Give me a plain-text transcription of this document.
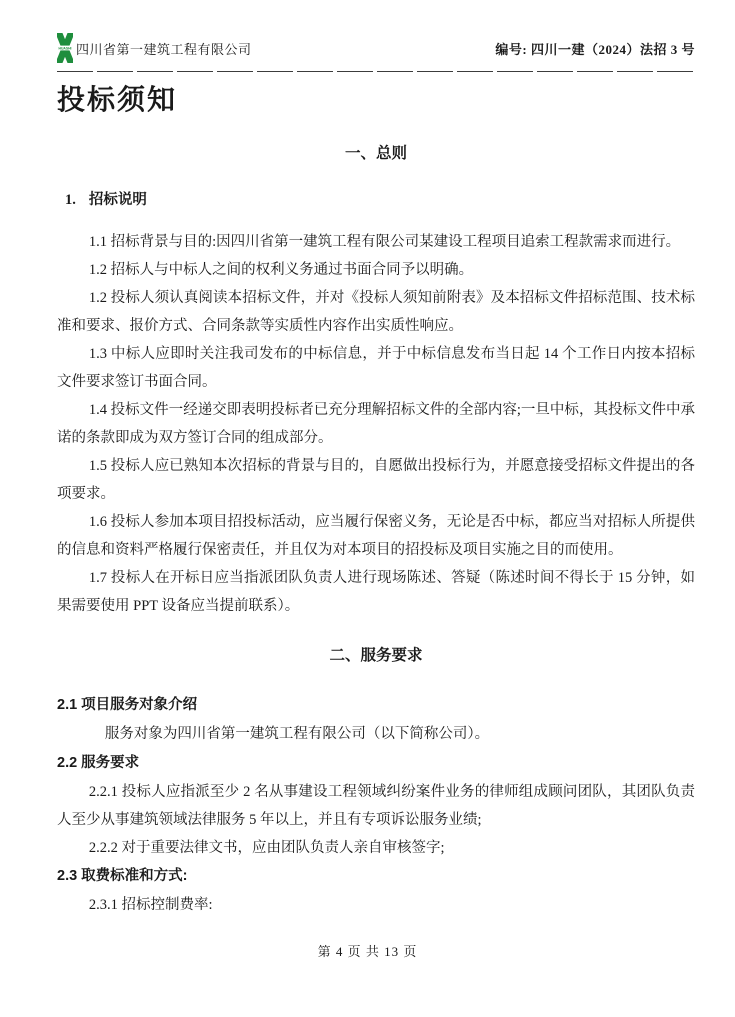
HUASHI 四川省第一建筑工程有限公司	编号: 四川一建（2024）法招 3 号
投标须知
一、总则
1. 招标说明
1.1 招标背景与目的:因四川省第一建筑工程有限公司某建设工程项目追索工程款需求而进行。
1.2 招标人与中标人之间的权利义务通过书面合同予以明确。
1.2 投标人须认真阅读本招标文件，并对《投标人须知前附表》及本招标文件招标范围、技术标准和要求、报价方式、合同条款等实质性内容作出实质性响应。
1.3 中标人应即时关注我司发布的中标信息，并于中标信息发布当日起 14 个工作日内按本招标文件要求签订书面合同。
1.4 投标文件一经递交即表明投标者已充分理解招标文件的全部内容;一旦中标，其投标文件中承诺的条款即成为双方签订合同的组成部分。
1.5 投标人应已熟知本次招标的背景与目的，自愿做出投标行为，并愿意接受招标文件提出的各项要求。
1.6 投标人参加本项目招投标活动，应当履行保密义务，无论是否中标，都应当对招标人所提供的信息和资料严格履行保密责任，并且仅为对本项目的招投标及项目实施之目的而使用。
1.7 投标人在开标日应当指派团队负责人进行现场陈述、答疑（陈述时间不得长于 15 分钟，如果需要使用 PPT 设备应当提前联系）。
二、服务要求
2.1 项目服务对象介绍
服务对象为四川省第一建筑工程有限公司（以下简称公司）。
2.2 服务要求
2.2.1 投标人应指派至少 2 名从事建设工程领域纠纷案件业务的律师组成顾问团队，其团队负责人至少从事建筑领域法律服务 5 年以上，并且有专项诉讼服务业绩;
2.2.2 对于重要法律文书，应由团队负责人亲自审核签字;
2.3 取费标准和方式:
2.3.1 招标控制费率:
第 4 页 共 13 页
